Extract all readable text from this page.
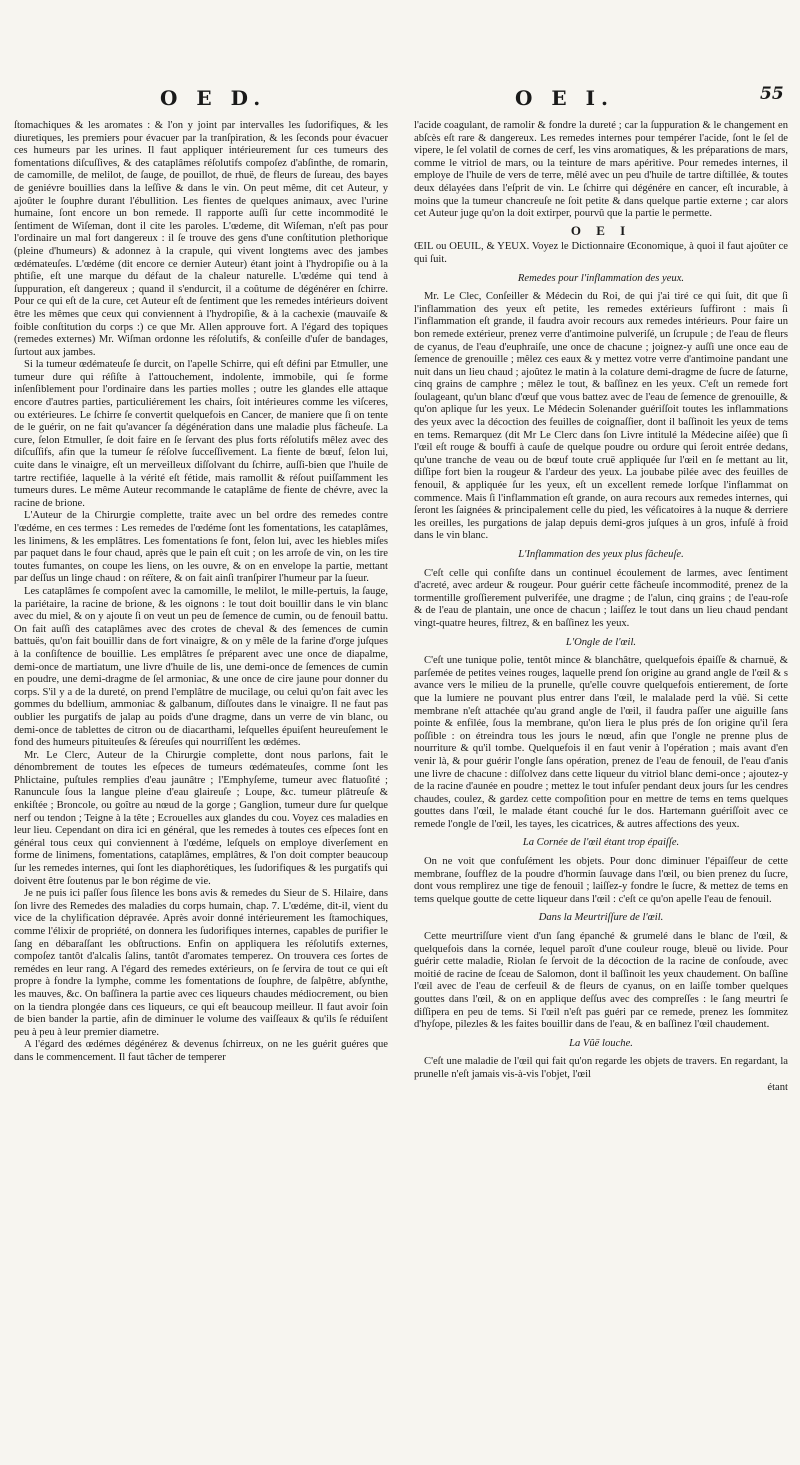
O E D.	O E I.	55

ſtomachiques & les aromates : & l'on y joint par intervalles les ſudorifiques, & les diuretiques, les premiers pour évacuer par la tranſpiration, & les ſeconds pour évacuer ces humeurs par les urines. Il faut appliquer intérieurement ſur ces tumeurs des fomentations diſcuſſives, & des cataplâmes réſolutifs compoſez d'abſinthe, de romarin, de camomille, de melilot, de ſauge, de pouillot, de rhuë, de fleurs de ſureau, des bayes de geniévre bouillies dans la leſſive & dans le vin. On peut même, dit cet Auteur, y ajoûter le ſouphre durant l'ébullition. Les fientes de quelques animaux, avec l'urine humaine, ſont encore un bon remede. Il rapporte auſſi ſur cette incommodité le ſentiment de Wiſeman, dont il cite les paroles. L'œdeme, dit Wiſeman, n'eſt pas pour l'ordinaire un mal fort dangereux : il ſe trouve des gens d'une conſtitution plethorique (pleine d'humeurs) & adonnez à la crapule, qui vivent longtems avec des jambes œdémateuſes. L'œdéme (dit encore ce dernier Auteur) étant joint à l'hydropiſie ou à la phtiſie, eſt une marque du défaut de la chaleur naturelle. L'œdéme qui tend à ſuppuration, eſt dangereux ; quand il s'endurcit, il a coûtume de dégénérer en ſchirre. Pour ce qui eſt de la cure, cet Auteur eſt de ſentiment que les remedes intérieurs doivent être les mêmes que ceux qui conviennent à l'hydropiſie, & à la cachexie (mauvaiſe & foible conſtitution du corps :) ce que Mr. Allen approuve fort. A l'égard des topiques (remedes externes) Mr. Wiſman ordonne les réſolutifs, & conſeille d'uſer de bandages, ſurtout aux jambes.

Si la tumeur œdémateuſe ſe durcit, on l'apelle Schirre, qui eſt défini par Etmuller, une tumeur dure qui réſiſte à l'attouchement, indolente, immobile, qui ſe forme inſenſiblement pour l'ordinaire dans les parties molles ; outre les glandes elle attaque encore d'autres parties, particuliérement les chairs, ſoit intérieures comme les viſceres, ou extérieures. Le ſchirre ſe convertit quelquefois en Cancer, de maniere que ſi on tente de le guérir, on ne fait qu'avancer ſa dégénération dans une maladie plus fâcheuſe. La cure, ſelon Etmuller, ſe doit faire en ſe ſervant des plus forts réſolutifs mêlez avec des diſcuſſifs, afin que la tumeur ſe réſolve ſucceſſivement. La fiente de bœuf, ſelon lui, cuite dans le vinaigre, eſt un merveilleux diſſolvant du ſchirre, auſſi-bien que l'huile de tartre rectifiée, laquelle à la vérité eſt fétide, mais ramollit & réſout puiſſamment les tumeurs dures. Le même Auteur recommande le cataplâme de fiente de chévre, avec la racine de brione.

L'Auteur de la Chirurgie complette, traite avec un bel ordre des remedes contre l'œdéme, en ces termes : Les remedes de l'œdéme ſont les fomentations, les cataplâmes, les linimens, & les emplâtres. Les fomentations ſe font, ſelon lui, avec les hiebles miſes par paquet dans le four chaud, après que le pain eſt cuit ; on les arroſe de vin, on les tire toutes fumantes, on coupe les liens, on les ouvre, & on en envelope la partie, mettant par deſſus un linge chaud : on réïtere, & on fait ainſi tranſpirer l'humeur par la ſueur.

Les cataplâmes ſe compoſent avec la camomille, le melilot, le mille-pertuis, la ſauge, la pariétaire, la racine de brione, & les oignons : le tout doit bouillir dans le vin blanc avec du miel, & on y ajoute ſi on veut un peu de ſemence de cumin, ou de fenouil battu. On fait auſſi des cataplâmes avec des crotes de cheval & des ſemences de cumin battuës, qu'on fait bouillir dans de fort vinaigre, & on y mêle de la farine d'orge juſques à la conſiſtence de bouillie. Les emplâtres ſe préparent avec une once de diapalme, demi-once de martiatum, une livre d'huile de lis, une demi-once de ſemences de cumin en poudre, une demi-dragme de ſel armoniac, & une once de cire jaune pour donner du corps. S'il y a de la dureté, on prend l'emplâtre de mucilage, ou celui qu'on fait avec les gommes du bdellium, ammoniac & galbanum, diſſoutes dans le vinaigre. Il ne faut pas oublier les purgatifs de jalap au poids d'une dragme, dans un verre de vin blanc, ou demi-once de tablettes de citron ou de diacarthami, leſquelles épuiſent heureuſement le fond des humeurs pituiteuſes & ſéreuſes qui nourriſſent les œdémes.

Mr. Le Clerc, Auteur de la Chirurgie complette, dont nous parlons, fait le dénombrement de toutes les eſpeces de tumeurs œdémateuſes, comme ſont les Phlictaine, puſtules remplies d'eau jaunâtre ; l'Emphyſeme, tumeur avec flatuoſité ; Ranuncule ſous la langue pleine d'eau glaireuſe ; Loupe, &c. tumeur plâtreuſe & enkiſtée ; Broncole, ou goître au nœud de la gorge ; Ganglion, tumeur dure ſur quelque nerf ou tendon ; Teigne à la tête ; Ecrouelles aux glandes du cou. Voyez ces maladies en leur lieu. Cependant on dira ici en général, que les remedes à toutes ces eſpeces ſont en général tous ceux qui conviennent à l'œdéme, leſquels on employe diverſement en forme de linimens, fomentations, cataplâmes, emplâtres, & l'on doit compter beaucoup ſur les remedes internes, qui ſont les diaphorétiques, les ſudorifiques & les purgatifs qui doivent être ſoutenus par le bon régime de vie.

Je ne puis ici paſſer ſous ſilence les bons avis & remedes du Sieur de S. Hilaire, dans ſon livre des Remedes des maladies du corps humain, chap. 7. L'œdéme, dit-il, vient du vice de la chylification dépravée. Après avoir donné intérieurement les ſtamochiques, comme l'élixir de propriété, on donnera les ſudorifiques internes, capables de purifier le ſang en débaraſſant les obſtructions. Enfin on appliquera les réſolutifs externes, compoſez tantôt d'alcalis ſalins, tantôt d'aromates temperez. On trouvera ces ſortes de remédes en leur rang. A l'égard des remedes extérieurs, on ſe ſervira de tout ce qui eſt propre à fondre la lymphe, comme les fomentations de ſouphre, de ſalpêtre, abſynthe, les mauves, &c. On baſſinera la partie avec ces liqueurs chaudes médiocrement, ou bien on la tiendra plongée dans ces liqueurs, ce qui eſt beaucoup meilleur. Il faut avoir ſoin de bien bander la partie, afin de diminuer le volume des vaiſſeaux & qu'ils ſe réduiſent peu à peu à leur premier diametre.

A l'égard des œdémes dégénérez & devenus ſchirreux, on ne les guérit guéres que dans le commencement. Il faut tâcher de temperer

l'acide coagulant, de ramolir & fondre la dureté ; car la ſuppuration & le changement en abſcès eſt rare & dangereux. Les remedes internes pour tempérer l'acide, ſont le ſel de vipere, le ſel volatil de cornes de cerf, les vins aromatiques, & les préparations de mars, comme le vitriol de mars, ou la teinture de mars apéritive. Pour remedes internes, il employe de l'huile de vers de terre, mêlé avec un peu d'huile de tartre diſtillée, & toutes deux délayées dans l'eſprit de vin. Le ſchirre qui dégénére en cancer, eſt incurable, à moins que la tumeur chancreuſe ne ſoit petite & dans quelque partie externe ; car alors cet Auteur juge qu'on la doit extirper, pourvû que la partie le permette.

O E I

ŒIL ou OEUIL, & YEUX. Voyez le Dictionnaire Œconomique, à quoi il faut ajoûter ce qui ſuit.

Remedes pour l'inflammation des yeux.

Mr. Le Clec, Conſeiller & Médecin du Roi, de qui j'ai tiré ce qui ſuit, dit que ſi l'inflammation des yeux eſt petite, les remedes extérieurs ſuffiront : mais ſi l'inflammation eſt grande, il faudra avoir recours aux remedes intérieurs. Pour faire un bon remede extérieur, prenez verre d'antimoine pulveriſé, un ſcrupule ; de l'eau de fleurs de cyanus, de l'eau d'euphraiſe, une once de chacune ; joignez-y auſſi une once eau de ſemence de grenouille ; mêlez ces eaux & y mettez votre verre d'antimoine pandant une nuit dans un lieu chaud ; ajoûtez le matin à la colature demi-dragme de ſucre de ſaturne, cinq grains de camphre ; mêlez le tout, & baſſinez en les yeux. C'eſt un remede fort ſoulageant, qu'un blanc d'œuf que vous battez avec de l'eau de ſemence de grenouille, & qu'on aplique ſur les yeux. Le Médecin Solenander guériſſoit toutes les inflammations des yeux avec la décoction des feuilles de coignaſſier, dont il baſſinoit les yeux de tems en tems. Remarquez (dit Mr Le Clerc dans ſon Livre intitulé la Médecine aiſée) que ſi l'œil eſt rouge & bouffi à cauſe de quelque poudre ou ordure qui ſeroit entrée dedans, qu'une tranche de veau ou de bœuf toute cruë appliquée ſur l'œil en ſe mettant au lit, diſſipe fort bien la rougeur & l'ardeur des yeux. La joubabe pilée avec des feuilles de fenouil, & appliquée ſur les yeux, eſt un excellent remede lorſque l'inflammat on commence. Mais ſi l'inflammation eſt grande, on aura recours aux remedes internes, qui ſeront les ſaignées & principalement celle du pied, les véſicatoires à la nuque & derriere les oreilles, les purgations de jalap depuis demi-gros juſques à un gros, infuſé à froid dans le vin blanc.

L'Inflammation des yeux plus fâcheuſe.

C'eſt celle qui conſiſte dans un continuel écoulement de larmes, avec ſentiment d'acreté, avec ardeur & rougeur. Pour guérir cette fâcheuſe incommodité, prenez de la tormentille groſſierement pulverifée, une dragme ; de l'alun, cinq grains ; de l'eau-roſe & de l'eau de plantain, une once de chacun ; laiſſez le tout dans un lieu chaud pendant vingt-quatre heures, filtrez, & en baſſinez les yeux.

L'Ongle de l'œil.

C'eſt une tunique polie, tentôt mince & blanchâtre, quelquefois épaiſſe & charnuë, & parſemée de petites veines rouges, laquelle prend ſon origine au grand angle de l'œil & s avance vers le milieu de la prunelle, qu'elle couvre quelquefois entierement, de ſorte que la lumiere ne pouvant plus entrer dans l'œil, le malalade perd la vûë. Si cette membrane n'eſt attachée qu'au grand angle de l'œil, il faudra paſſer une aiguille ſans pointe & enfilée, ſous la membrane, qu'on liera le plus prés de ſon origine qu'il ſera poſſible : on étreindra tous les jours le nœud, afin que l'ongle ne prenne plus de nourriture & qu'il tombe. Quelquefois il en faut venir à l'opération ; mais avant d'en venir là, & pour guérir l'ongle ſans opération, prenez de l'eau de fenouil, de l'eau d'anis une livre de chacune : diſſolvez dans cette liqueur du vitriol blanc demi-once ; ajoutez-y de la racine d'aunée en poudre ; mettez le tout infuſer pendant deux jours ſur les cendres chaudes, coulez, & gardez cette compoſition pour en mettre de tems en tems quelques gouttes dans l'œil, le malade étant couché ſur le dos. Hartemann guériſſoit avec ce remede l'ongle de l'œil, les tayes, les cicatrices, & autres affections des yeux.

La Cornée de l'œil étant trop épaiſſe.

On ne voit que confuſément les objets. Pour donc diminuer l'épaiſſeur de cette membrane, ſoufflez de la poudre d'hormin ſauvage dans l'œil, ou bien prenez du ſucre, dont vous remplirez une tige de fenouil ; laiſſez-y fondre le ſucre, & mettez de tems en tems quelque goutte de cette liqueur dans l'œil : c'eſt ce qu'on apelle l'eau de fenouil.

Dans la Meurtriſſure de l'œil.

Cette meurtriſſure vient d'un ſang épanché & grumelé dans le blanc de l'œil, & quelquefois dans la cornée, lequel paroît d'une couleur rouge, bleuë ou livide. Pour guérir cette maladie, Riolan ſe ſervoit de la décoction de la racine de conſoude, avec moitié de racine de ſceau de Salomon, dont il baſſinoit les yeux chaudement. On baſſine l'œil avec de l'eau de cerfeuil & de fleurs de cyanus, on en laiſſe tomber quelques gouttes dans l'œil, & on en applique deſſus avec des compreſſes : le ſang meurtri ſe diſſipera en peu de tems. Si l'œil n'eſt pas guéri par ce remede, prenez les ſommitez d'hyſope, pilezles & les faites bouillir dans de l'eau, & en baſſinez l'œil chaudement.

La Vûë louche.

C'eſt une maladie de l'œil qui fait qu'on regarde les objets de travers. En regardant, la prunelle n'eſt jamais vis-à-vis l'objet, l'œil

étant
